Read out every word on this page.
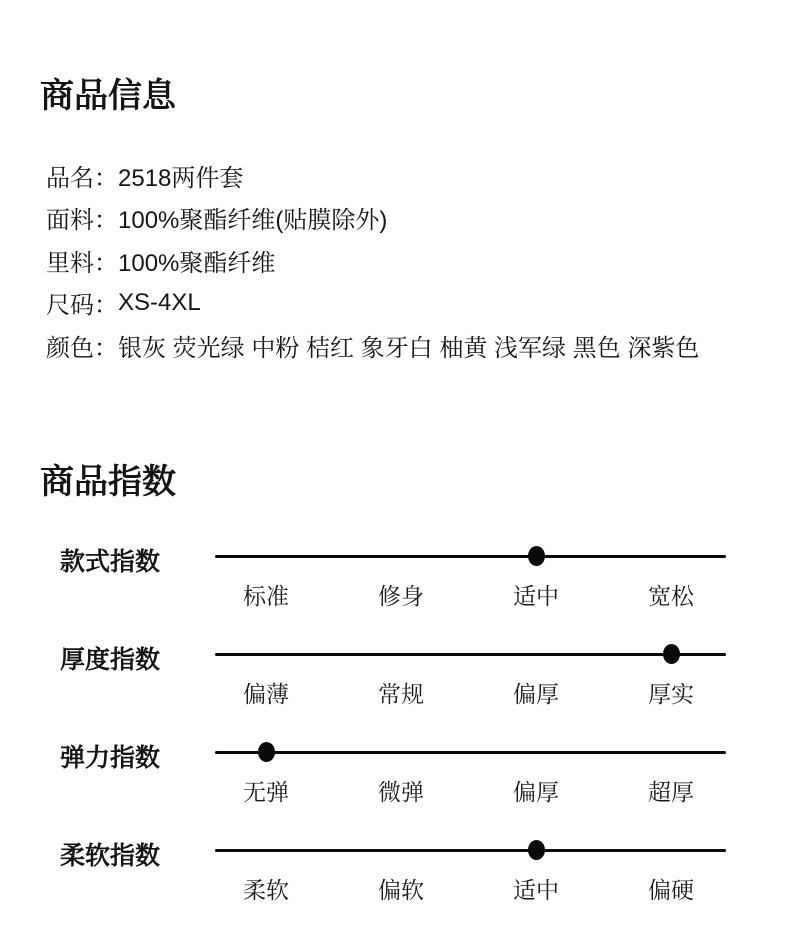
商品信息
品名： 2518两件套
面料： 100%聚酯纤维(贴膜除外)
里料： 100%聚酯纤维
尺码： XS-4XL
颜色： 银灰 荧光绿 中粉 桔红 象牙白 柚黄 浅军绿 黑色 深紫色
商品指数
款式指数
标准	修身	适中	宽松
厚度指数
偏薄	常规	偏厚	厚实
弹力指数
无弹	微弹	偏厚	超厚
柔软指数
柔软	偏软	适中	偏硬
